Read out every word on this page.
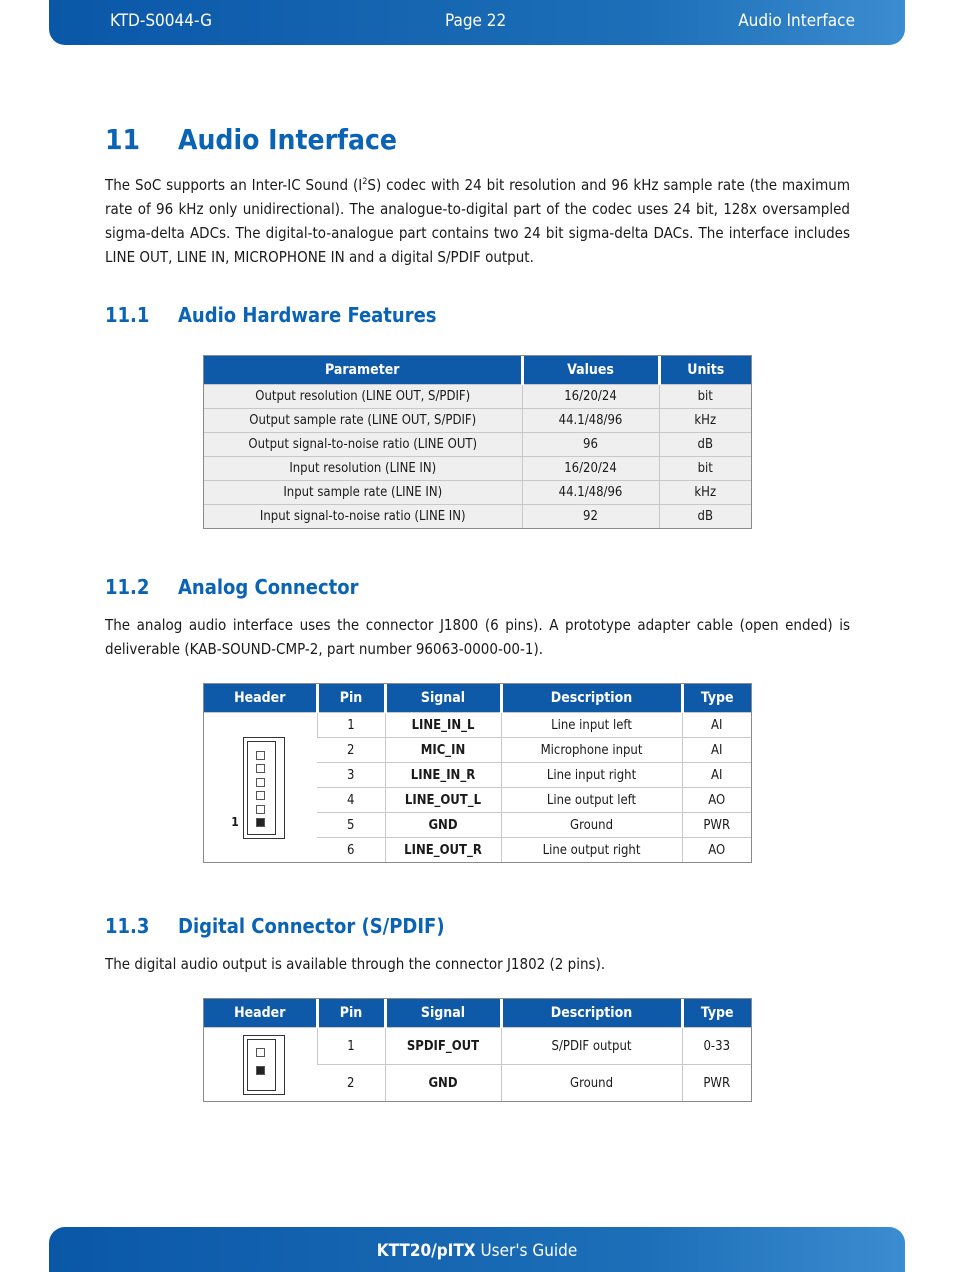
KTD-S0044-G	Page 22	Audio Interface
11 Audio Interface

The SoC supports an Inter-IC Sound $(I^2S)$ codec with 24 bit resolution and 96 kHz sample rate (the maximum rate of 96 kHz only unidirectional). The analogue-to-digital part of the codec uses 24 bit, 128x oversampled sigma-delta ADCs. The digital-to-analogue part contains two 24 bit sigma-delta DACs. The interface includes LINE OUT, LINE IN, MICROPHONE IN and a digital S/PDIF output.

11.1 Audio Hardware Features
Parameter	Values	Units
Output resolution (LINE OUT, S/PDIF)	16/20/24	bit
Output sample rate (LINE OUT, S/PDIF)	44.1/48/96	kHz
Output signal-to-noise ratio (LINE OUT)	96	dB
Input resolution (LINE IN)	16/20/24	bit
Input sample rate (LINE IN)	44.1/48/96	kHz
Input signal-to-noise ratio (LINE IN)	92	dB
11.2 Analog Connector

The analog audio interface uses the connector J1800 (6 pins). A prototype adapter cable (open ended) is deliverable (KAB-SOUND-CMP-2, part number 96063-0000-00-1).

Header	Pin	Signal	Description	Type

1	1	LINE_IN_L	Line input left	AI
	2	MIC_IN	Microphone input	AI
	3	LINE_IN_R	Line input right	AI
	4	LINE_OUT_L	Line output left	AO
	5	GND	Ground	PWR
	6	LINE_OUT_R	Line output right	AO
11.3 Digital Connector (S/PDIF)

The digital audio output is available through the connector J1802 (2 pins).

Header	Pin	Signal	Description	Type

	1	SPDIF_OUT	S/PDIF output	0-33
	2	GND	Ground	PWR
KTT20/pITX User's Guide
